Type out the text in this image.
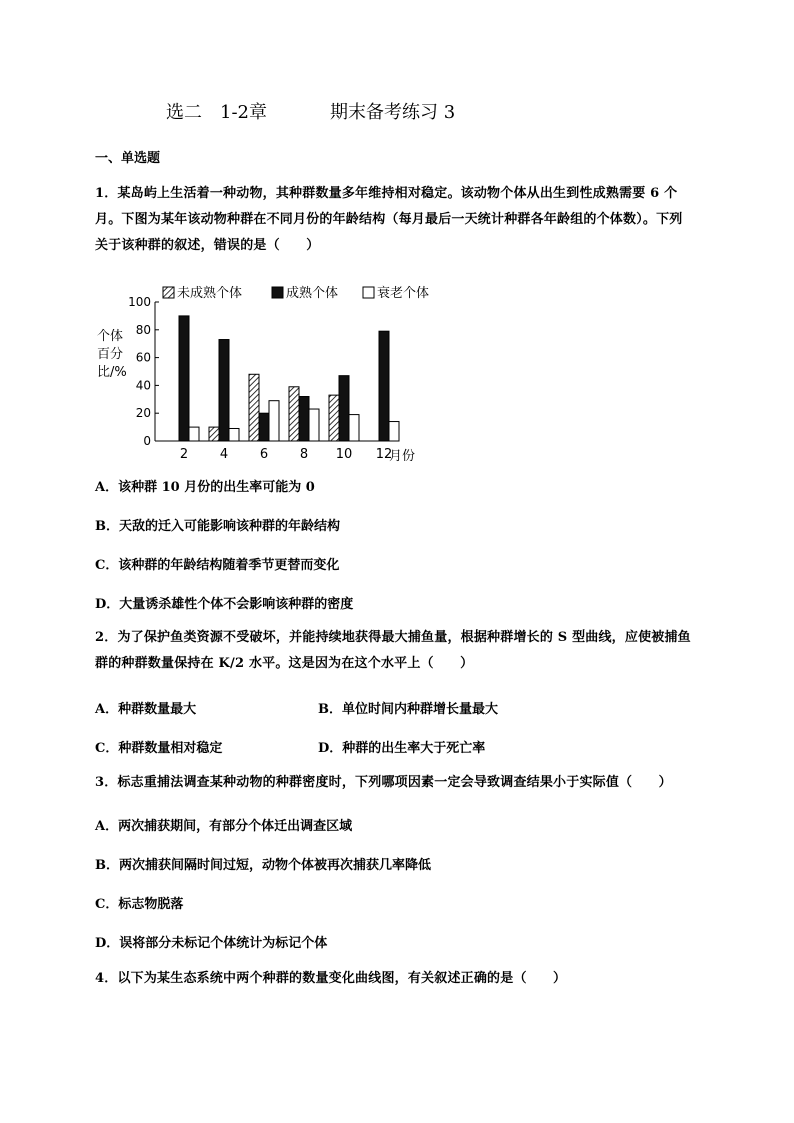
选二　1-2章	期末备考练习 3
一、单选题
1．某岛屿上生活着一种动物，其种群数量多年维持相对稳定。该动物个体从出生到性成熟需要 6 个
月。下图为某年该动物种群在不同月份的年龄结构（每月最后一天统计种群各年龄组的个体数）。下列
关于该种群的叙述，错误的是（　　）
未成熟个体	成熟个体	衰老个体
个体
百分
比/%
0
20
40
60
80
100
2 4 6 8 10 12
月份
A．该种群 10 月份的出生率可能为 0
B．天敌的迁入可能影响该种群的年龄结构
C．该种群的年龄结构随着季节更替而变化
D．大量诱杀雄性个体不会影响该种群的密度
2．为了保护鱼类资源不受破坏，并能持续地获得最大捕鱼量，根据种群增长的 S 型曲线，应使被捕鱼
群的种群数量保持在 K/2 水平。这是因为在这个水平上（　　）
A．种群数量最大	B．单位时间内种群增长量最大
C．种群数量相对稳定	D．种群的出生率大于死亡率
3．标志重捕法调查某种动物的种群密度时，下列哪项因素一定会导致调查结果小于实际值（　　）
A．两次捕获期间，有部分个体迁出调查区域
B．两次捕获间隔时间过短，动物个体被再次捕获几率降低
C．标志物脱落
D．误将部分未标记个体统计为标记个体
4．以下为某生态系统中两个种群的数量变化曲线图，有关叙述正确的是（　　）
